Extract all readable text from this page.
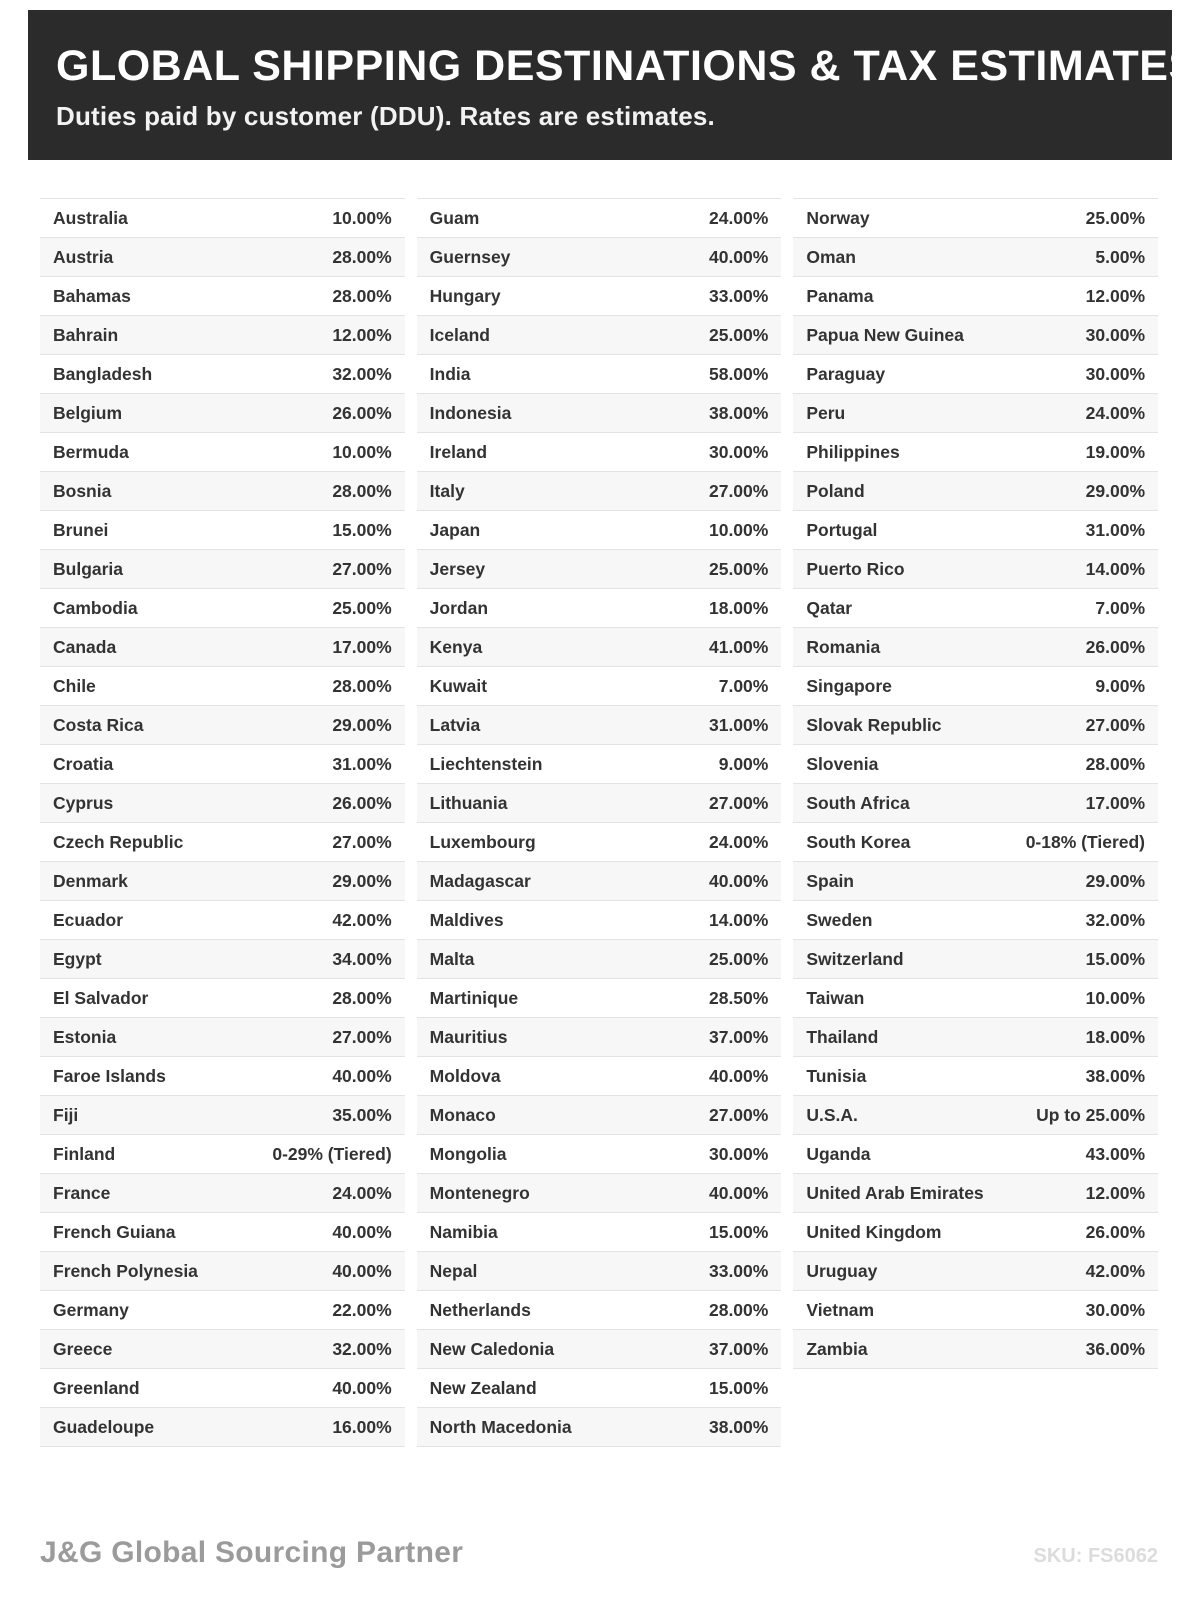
GLOBAL SHIPPING DESTINATIONS & TAX ESTIMATES

Duties paid by customer (DDU). Rates are estimates.

Australia	10.00%
Austria	28.00%
Bahamas	28.00%
Bahrain	12.00%
Bangladesh	32.00%
Belgium	26.00%
Bermuda	10.00%
Bosnia	28.00%
Brunei	15.00%
Bulgaria	27.00%
Cambodia	25.00%
Canada	17.00%
Chile	28.00%
Costa Rica	29.00%
Croatia	31.00%
Cyprus	26.00%
Czech Republic	27.00%
Denmark	29.00%
Ecuador	42.00%
Egypt	34.00%
El Salvador	28.00%
Estonia	27.00%
Faroe Islands	40.00%
Fiji	35.00%
Finland	0-29% (Tiered)
France	24.00%
French Guiana	40.00%
French Polynesia	40.00%
Germany	22.00%
Greece	32.00%
Greenland	40.00%
Guadeloupe	16.00%
Guam	24.00%
Guernsey	40.00%
Hungary	33.00%
Iceland	25.00%
India	58.00%
Indonesia	38.00%
Ireland	30.00%
Italy	27.00%
Japan	10.00%
Jersey	25.00%
Jordan	18.00%
Kenya	41.00%
Kuwait	7.00%
Latvia	31.00%
Liechtenstein	9.00%
Lithuania	27.00%
Luxembourg	24.00%
Madagascar	40.00%
Maldives	14.00%
Malta	25.00%
Martinique	28.50%
Mauritius	37.00%
Moldova	40.00%
Monaco	27.00%
Mongolia	30.00%
Montenegro	40.00%
Namibia	15.00%
Nepal	33.00%
Netherlands	28.00%
New Caledonia	37.00%
New Zealand	15.00%
North Macedonia	38.00%
Norway	25.00%
Oman	5.00%
Panama	12.00%
Papua New Guinea	30.00%
Paraguay	30.00%
Peru	24.00%
Philippines	19.00%
Poland	29.00%
Portugal	31.00%
Puerto Rico	14.00%
Qatar	7.00%
Romania	26.00%
Singapore	9.00%
Slovak Republic	27.00%
Slovenia	28.00%
South Africa	17.00%
South Korea	0-18% (Tiered)
Spain	29.00%
Sweden	32.00%
Switzerland	15.00%
Taiwan	10.00%
Thailand	18.00%
Tunisia	38.00%
U.S.A.	Up to 25.00%
Uganda	43.00%
United Arab Emirates	12.00%
United Kingdom	26.00%
Uruguay	42.00%
Vietnam	30.00%
Zambia	36.00%
J&G Global Sourcing Partner	SKU: FS6062
